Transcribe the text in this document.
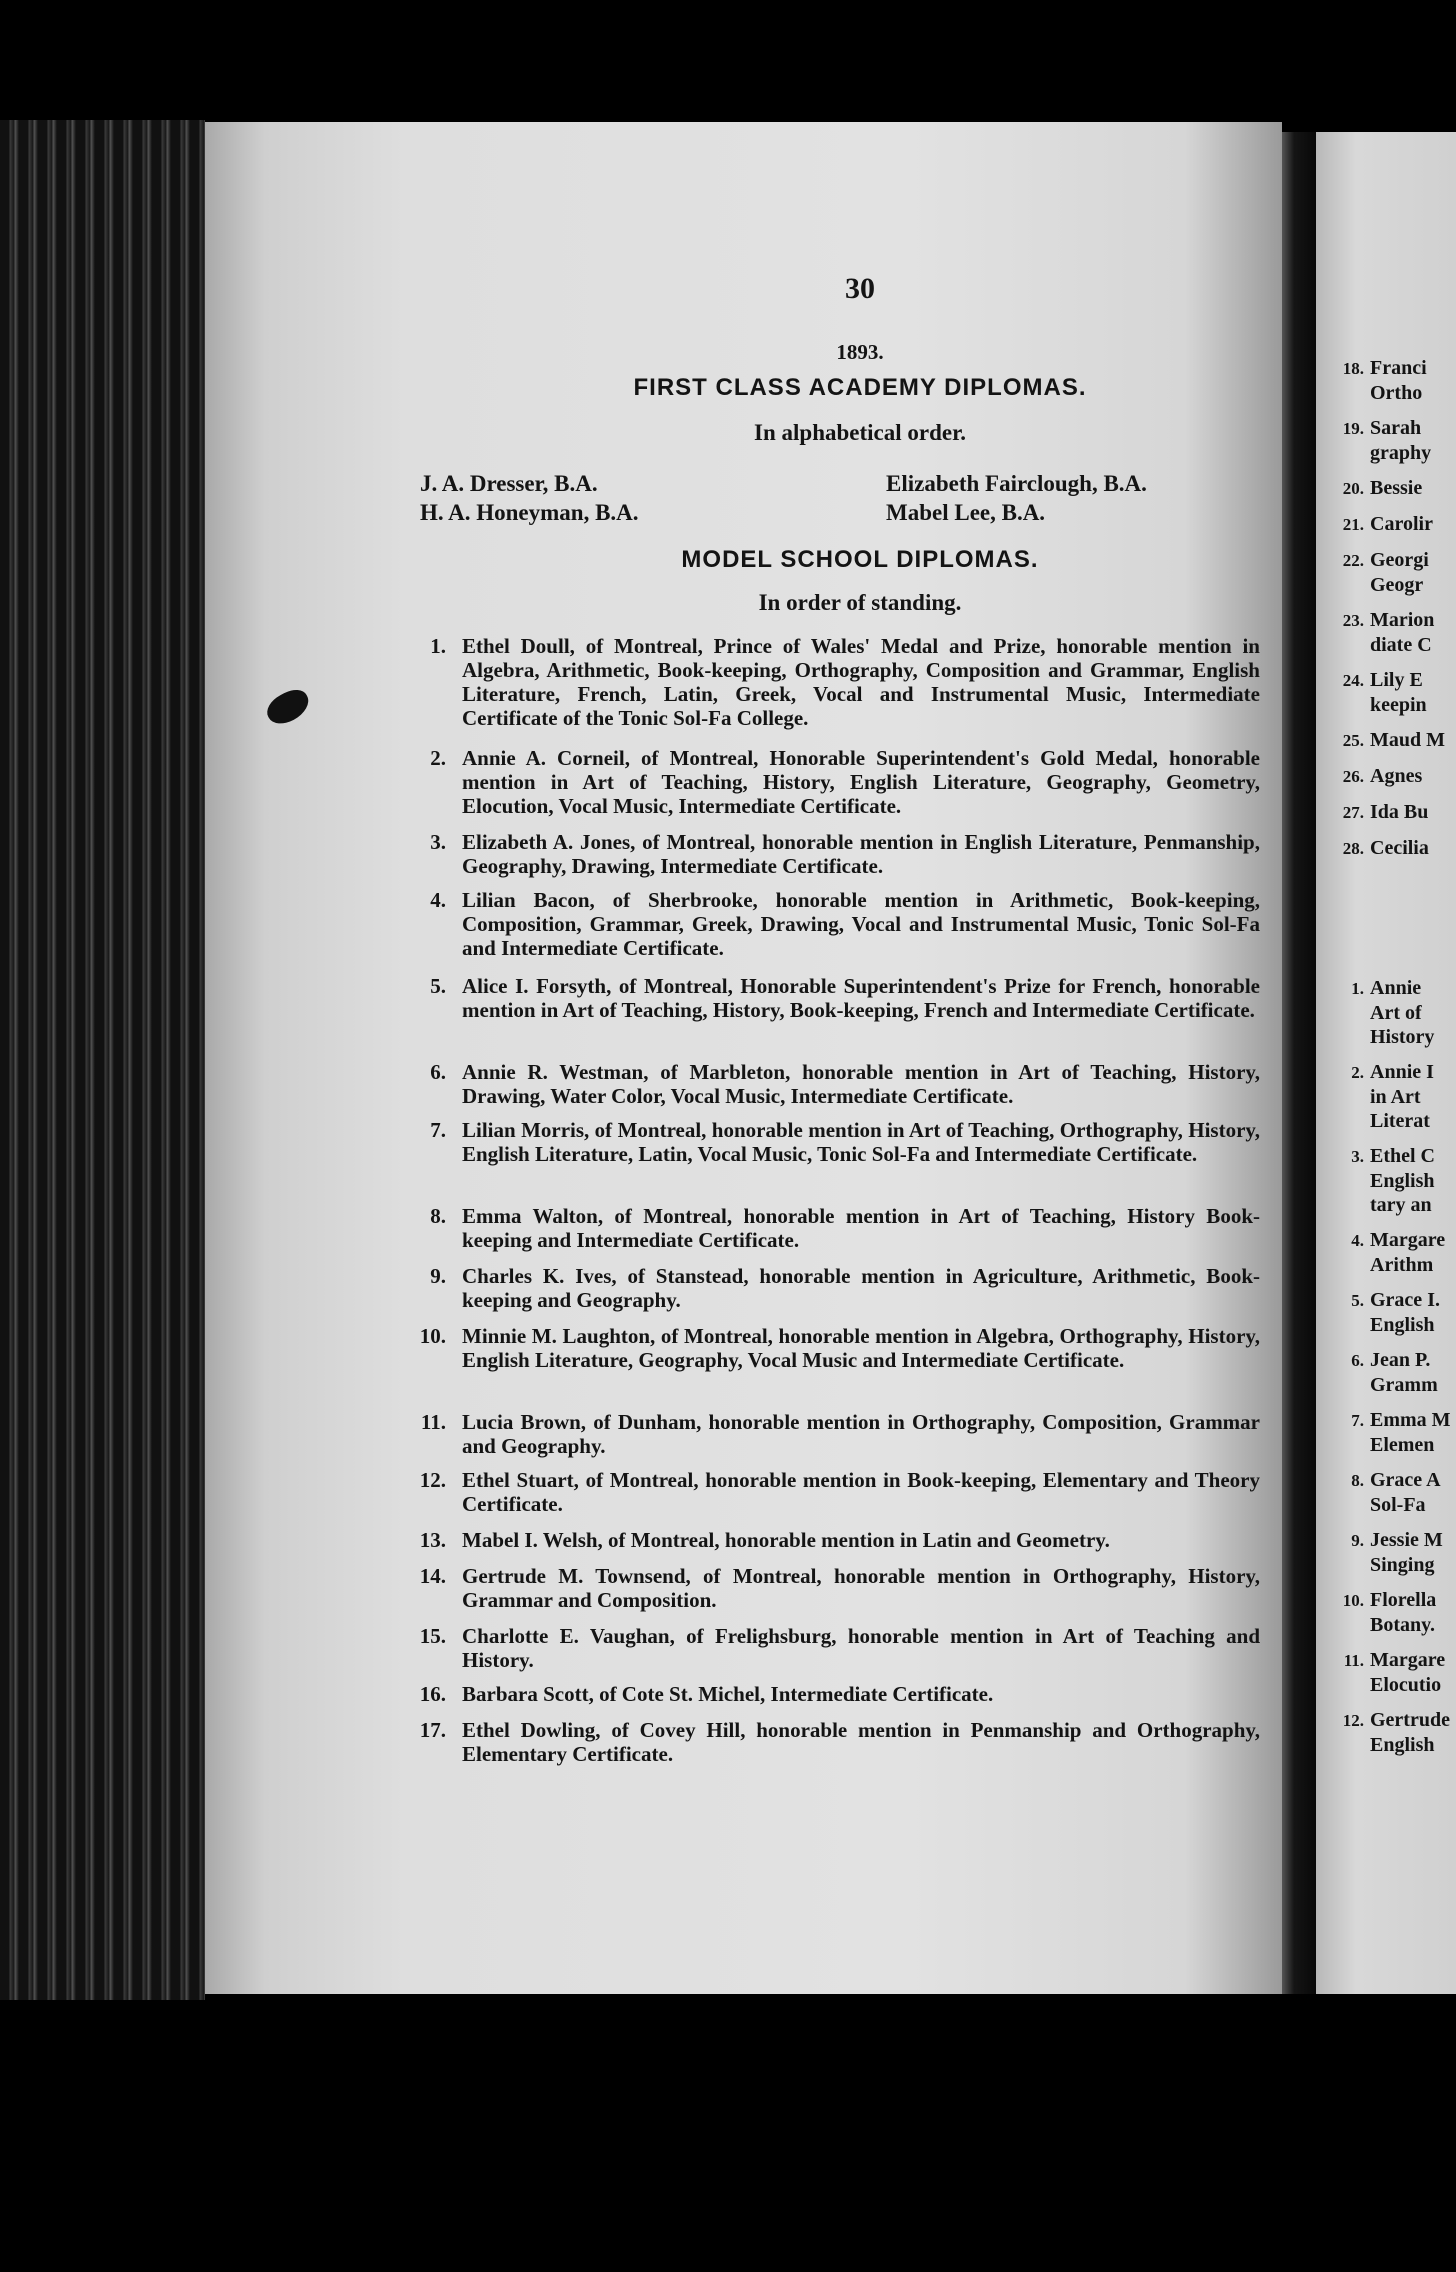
30
1893.
FIRST CLASS ACADEMY DIPLOMAS.
In alphabetical order.
J. A. Dresser, B.A.	Elizabeth Fairclough, B.A.
H. A. Honeyman, B.A.	Mabel Lee, B.A.
MODEL SCHOOL DIPLOMAS.
In order of standing.
1. Ethel Doull, of Montreal, Prince of Wales' Medal and Prize, honorable mention in Algebra, Arithmetic, Book-keeping, Orthography, Composition and Grammar, English Literature, French, Latin, Greek, Vocal and Instrumental Music, Intermediate Certificate of the Tonic Sol-Fa College.
2. Annie A. Corneil, of Montreal, Honorable Superintendent's Gold Medal, honorable mention in Art of Teaching, History, English Literature, Geography, Geometry, Elocution, Vocal Music, Intermediate Certificate.
3. Elizabeth A. Jones, of Montreal, honorable mention in English Literature, Penmanship, Geography, Drawing, Intermediate Certificate.
4. Lilian Bacon, of Sherbrooke, honorable mention in Arithmetic, Book-keeping, Composition, Grammar, Greek, Drawing, Vocal and Instrumental Music, Tonic Sol-Fa and Intermediate Certificate.
5. Alice I. Forsyth, of Montreal, Honorable Superintendent's Prize for French, honorable mention in Art of Teaching, History, Book-keeping, French and Intermediate Certificate.
6. Annie R. Westman, of Marbleton, honorable mention in Art of Teaching, History, Drawing, Water Color, Vocal Music, Intermediate Certificate.
7. Lilian Morris, of Montreal, honorable mention in Art of Teaching, Orthography, History, English Literature, Latin, Vocal Music, Tonic Sol-Fa and Intermediate Certificate.
8. Emma Walton, of Montreal, honorable mention in Art of Teaching, History Book-keeping and Intermediate Certificate.
9. Charles K. Ives, of Stanstead, honorable mention in Agriculture, Arithmetic, Book-keeping and Geography.
10. Minnie M. Laughton, of Montreal, honorable mention in Algebra, Orthography, History, English Literature, Geography, Vocal Music and Intermediate Certificate.
11. Lucia Brown, of Dunham, honorable mention in Orthography, Composition, Grammar and Geography.
12. Ethel Stuart, of Montreal, honorable mention in Book-keeping, Elementary and Theory Certificate.
13. Mabel I. Welsh, of Montreal, honorable mention in Latin and Geometry.
14. Gertrude M. Townsend, of Montreal, honorable mention in Orthography, History, Grammar and Composition.
15. Charlotte E. Vaughan, of Frelighsburg, honorable mention in Art of Teaching and History.
16. Barbara Scott, of Cote St. Michel, Intermediate Certificate.
17. Ethel Dowling, of Covey Hill, honorable mention in Penmanship and Orthography, Elementary Certificate.
18. Franci
Ortho
19. Sarah
graphy
20. Bessie
21. Carolir
22. Georgi
Geogr
23. Marion
diate C
24. Lily E
keepin
25. Maud M
26. Agnes
27. Ida Bu
28. Cecilia
1. Annie
Art of
History
2. Annie I
in Art
Literat
3. Ethel C
English
tary an
4. Margare
Arithm
5. Grace I.
English
6. Jean P.
Gramm
7. Emma M
Elemen
8. Grace A
Sol-Fa
9. Jessie M
Singing
10. Florella
Botany.
11. Margare
Elocutio
12. Gertrude
English
